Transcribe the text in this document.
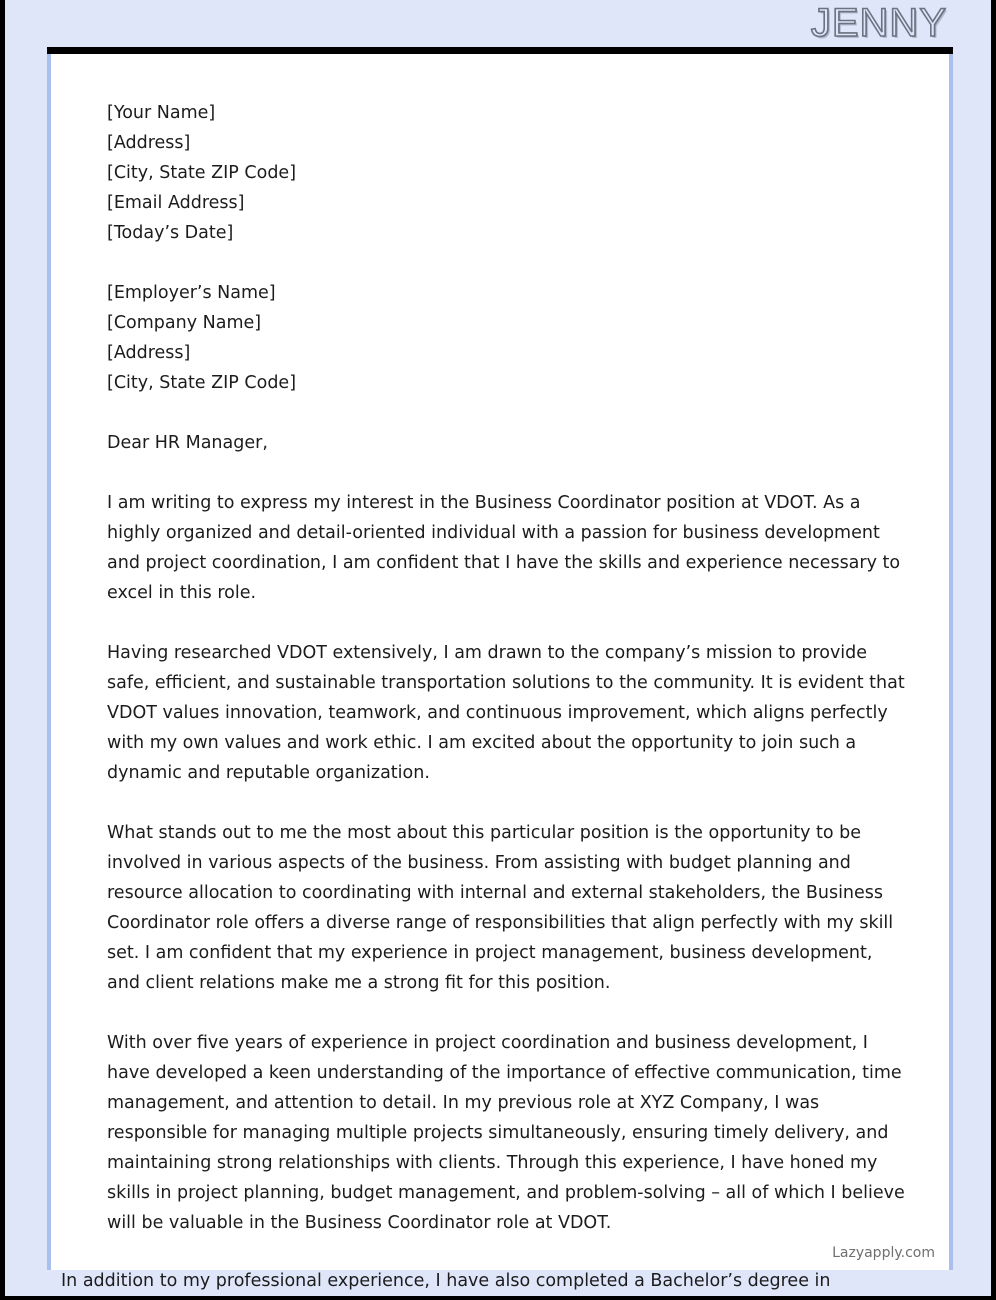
JENNY
[Your Name]
[Address]
[City, State ZIP Code]
[Email Address]
[Today’s Date]
[Employer’s Name]
[Company Name]
[Address]
[City, State ZIP Code]

Dear HR Manager,

I am writing to express my interest in the Business Coordinator position at VDOT. As a highly organized and detail-oriented individual with a passion for business development and project coordination, I am confident that I have the skills and experience necessary to excel in this role.

Having researched VDOT extensively, I am drawn to the company’s mission to provide safe, efficient, and sustainable transportation solutions to the community. It is evident that VDOT values innovation, teamwork, and continuous improvement, which aligns perfectly with my own values and work ethic. I am excited about the opportunity to join such a dynamic and reputable organization.

What stands out to me the most about this particular position is the opportunity to be involved in various aspects of the business. From assisting with budget planning and resource allocation to coordinating with internal and external stakeholders, the Business Coordinator role offers a diverse range of responsibilities that align perfectly with my skill set. I am confident that my experience in project management, business development, and client relations make me a strong fit for this position.

With over five years of experience in project coordination and business development, I have developed a keen understanding of the importance of effective communication, time management, and attention to detail. In my previous role at XYZ Company, I was responsible for managing multiple projects simultaneously, ensuring timely delivery, and maintaining strong relationships with clients. Through this experience, I have honed my skills in project planning, budget management, and problem-solving – all of which I believe will be valuable in the Business Coordinator role at VDOT.

Lazyapply.com
In addition to my professional experience, I have also completed a Bachelor’s degree in
